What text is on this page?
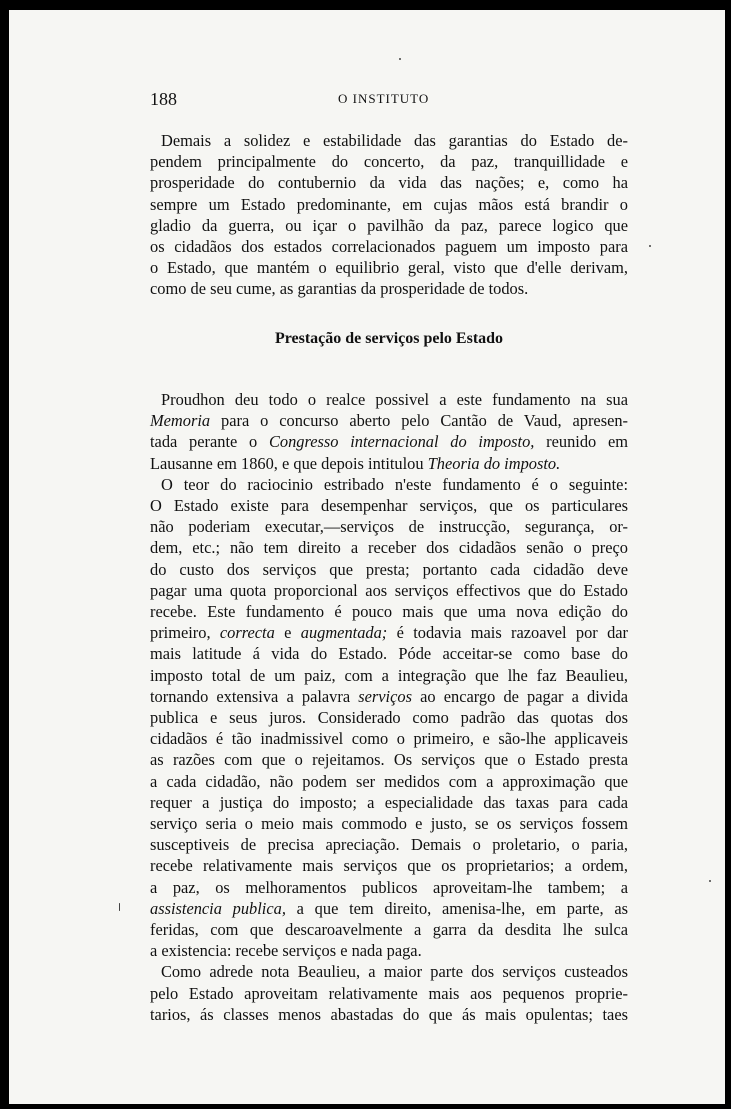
188	O INSTITUTO
Demais a solidez e estabilidade das garantias do Estado de-
pendem principalmente do concerto, da paz, tranquillidade e
prosperidade do contubernio da vida das nações; e, como ha
sempre um Estado predominante, em cujas mãos está brandir o
gladio da guerra, ou içar o pavilhão da paz, parece logico que
os cidadãos dos estados correlacionados paguem um imposto para
o Estado, que mantém o equilibrio geral, visto que d'elle derivam,
como de seu cume, as garantias da prosperidade de todos.
Prestação de serviços pelo Estado
Proudhon deu todo o realce possivel a este fundamento na sua
Memoria para o concurso aberto pelo Cantão de Vaud, apresen-
tada perante o Congresso internacional do imposto, reunido em
Lausanne em 1860, e que depois intitulou Theoria do imposto.
O teor do raciocinio estribado n'este fundamento é o seguinte:
O Estado existe para desempenhar serviços, que os particulares
não poderiam executar,—serviços de instrucção, segurança, or-
dem, etc.; não tem direito a receber dos cidadãos senão o preço
do custo dos serviços que presta; portanto cada cidadão deve
pagar uma quota proporcional aos serviços effectivos que do Estado
recebe. Este fundamento é pouco mais que uma nova edição do
primeiro, correcta e augmentada; é todavia mais razoavel por dar
mais latitude á vida do Estado. Póde acceitar-se como base do
imposto total de um paiz, com a integração que lhe faz Beaulieu,
tornando extensiva a palavra serviços ao encargo de pagar a divida
publica e seus juros. Considerado como padrão das quotas dos
cidadãos é tão inadmissivel como o primeiro, e são-lhe applicaveis
as razões com que o rejeitamos. Os serviços que o Estado presta
a cada cidadão, não podem ser medidos com a approximação que
requer a justiça do imposto; a especialidade das taxas para cada
serviço seria o meio mais commodo e justo, se os serviços fossem
susceptiveis de precisa apreciação. Demais o proletario, o paria,
recebe relativamente mais serviços que os proprietarios; a ordem,
a paz, os melhoramentos publicos aproveitam-lhe tambem; a
assistencia publica, a que tem direito, amenisa-lhe, em parte, as
feridas, com que descaroavelmente a garra da desdita lhe sulca
a existencia: recebe serviços e nada paga.
Como adrede nota Beaulieu, a maior parte dos serviços custeados
pelo Estado aproveitam relativamente mais aos pequenos proprie-
tarios, ás classes menos abastadas do que ás mais opulentas; taes
